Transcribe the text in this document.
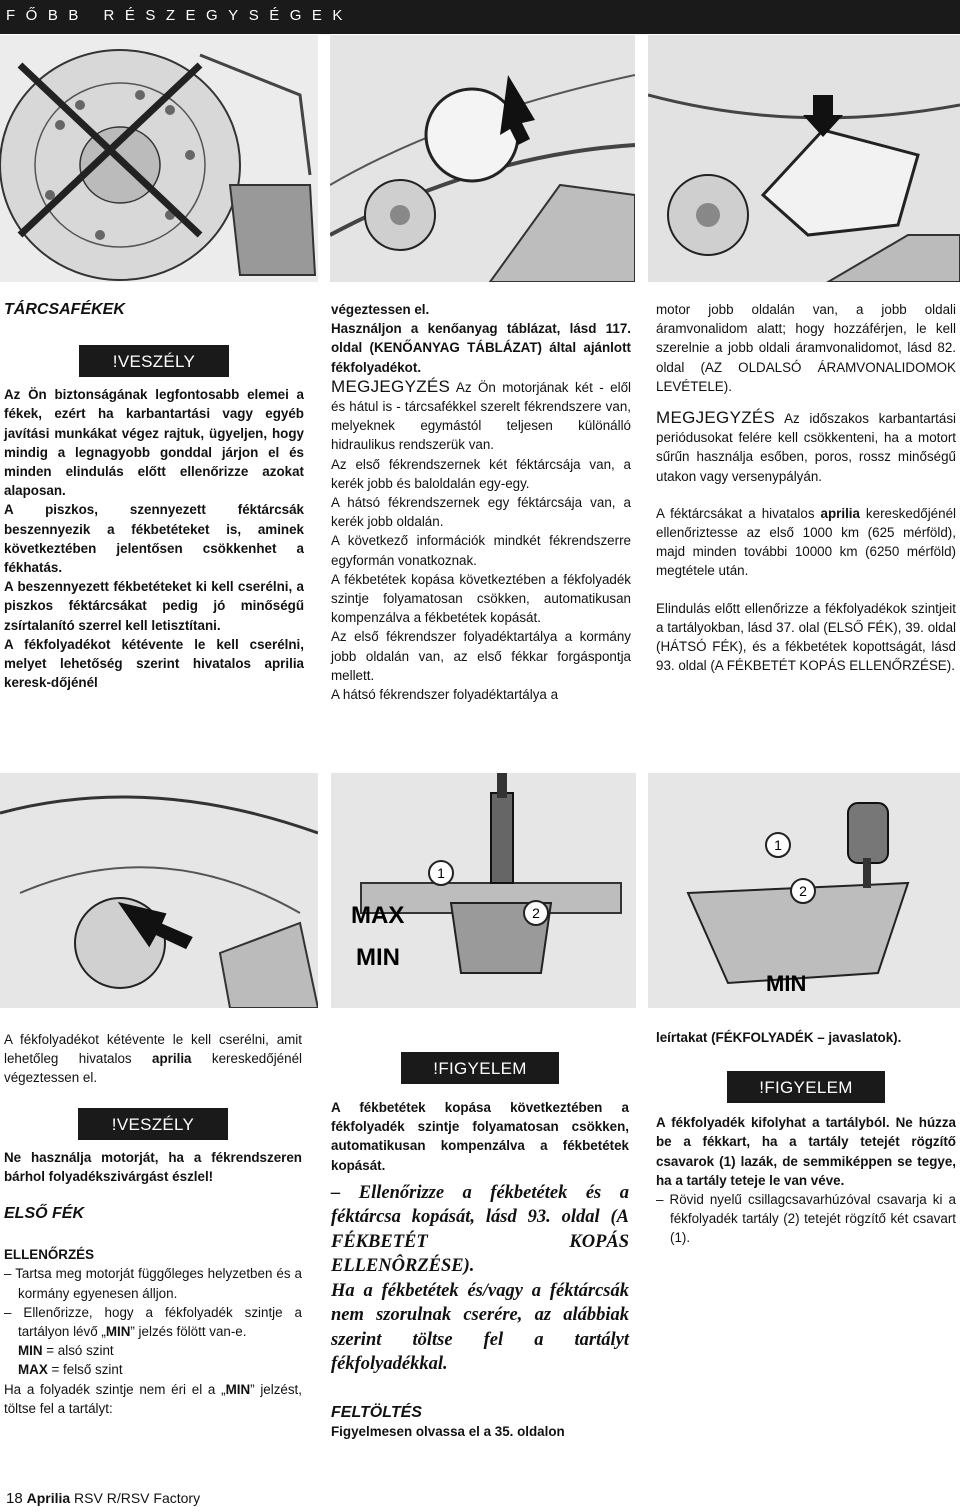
FŐBB RÉSZEGYSÉGEK
TÁRCSAFÉKEK
!VESZÉLY

Az Ön biztonságának legfontosabb elemei a fékek, ezért ha karbantartási vagy egyéb javítási munkákat végez rajtuk, ügyeljen, hogy mindig a legnagyobb gonddal járjon el és minden elindulás előtt ellenőrizze azokat alaposan.

A piszkos, szennyezett féktárcsák beszennyezik a fékbetéteket is, aminek következtében jelentősen csökkenhet a fékhatás.

A beszennyezett fékbetéteket ki kell cserélni, a piszkos féktárcsákat pedig jó minőségű zsírtalanító szerrel kell letisztítani.

A fékfolyadékot kétévente le kell cserélni, melyet lehetőség szerint hivatalos aprilia keresk-dőjénél

végeztessen el.

Használjon a kenőanyag táblázat, lásd 117. oldal (KENŐANYAG TÁBLÁZAT) által ajánlott fékfolyadékot.

MEGJEGYZÉS Az Ön motorjának két - elől és hátul is - tárcsafékkel szerelt fékrendszere van, melyeknek egymástól teljesen különálló hidraulikus rendszerük van.

Az első fékrendszernek két féktárcsája van, a kerék jobb és baloldalán egy-egy.

A hátsó fékrendszernek egy féktárcsája van, a kerék jobb oldalán.

A következő információk mindkét fékrendszerre egyformán vonatkoznak.

A fékbetétek kopása következtében a fékfolyadék szintje folyamatosan csökken, automatikusan kompenzálva a fékbetétek kopását.

Az első fékrendszer folyadéktartálya a kormány jobb oldalán van, az első fékkar forgáspontja mellett.

A hátsó fékrendszer folyadéktartálya a

motor jobb oldalán van, a jobb oldali áramvonalidom alatt; hogy hozzáférjen, le kell szerelnie a jobb oldali áramvonalidomot, lásd 82. oldal (AZ OLDALSÓ ÁRAMVONALIDOMOK LEVÉTELE).

MEGJEGYZÉS Az időszakos karbantartási periódusokat felére kell csökkenteni, ha a motort sűrűn használja esőben, poros, rossz minőségű utakon vagy versenypályán.

A féktárcsákat a hivatalos aprilia kereskedőjénél ellenőriztesse az első 1000 km (625 mérföld), majd minden további 10000 km (6250 mérföld) megtétele után.

Elindulás előtt ellenőrizze a fékfolyadékok szintjeit a tartályokban, lásd 37. olal (ELSŐ FÉK), 39. oldal (HÁTSÓ FÉK), és a fékbetétek kopottságát, lásd 93. oldal (A FÉKBETÉT KOPÁS ELLENŐRZÉSE).

1
2
MAX
MIN
1
2
MIN

A fékfolyadékot kétévente le kell cserélni, amit lehetőleg hivatalos aprilia kereskedőjénél végeztessen el.

!VESZÉLY

Ne használja motorját, ha a fékrendszeren bárhol folyadékszivárgást észlel!

ELSŐ FÉK
ELLENŐRZÉS

– Tartsa meg motorját függőleges helyzetben és a kormány egyenesen álljon.

– Ellenőrizze, hogy a fékfolyadék szintje a tartályon lévő „MIN” jelzés fölött van-e.

MIN = alsó szint

MAX = felső szint

Ha a folyadék szintje nem éri el a „MIN” jelzést, töltse fel a tartályt:

!FIGYELEM

A fékbetétek kopása következtében a fékfolyadék szintje folyamatosan csökken, automatikusan kompenzálva a fékbetétek kopását.

– Ellenőrizze a fékbetétek és a féktárcsa kopását, lásd 93. oldal (A FÉKBETÉT KOPÁS ELLENÔRZÉSE).

Ha a fékbetétek és/vagy a féktárcsák nem szorulnak cserére, az alábbiak szerint töltse fel a tartályt fékfolyadékkal.

FELTÖLTÉS

Figyelmesen olvassa el a 35. oldalon

leírtakat (FÉKFOLYADÉK – javaslatok).

!FIGYELEM

A fékfolyadék kifolyhat a tartályból. Ne húzza be a fékkart, ha a tartály tetejét rögzítő csavarok (1) lazák, de semmiképpen se tegye, ha a tartály teteje le van véve.

– Rövid nyelű csillagcsavarhúzóval csavarja ki a fékfolyadék tartály (2) tetejét rögzítő két csavart (1).

18 Aprilia RSV R/RSV Factory
